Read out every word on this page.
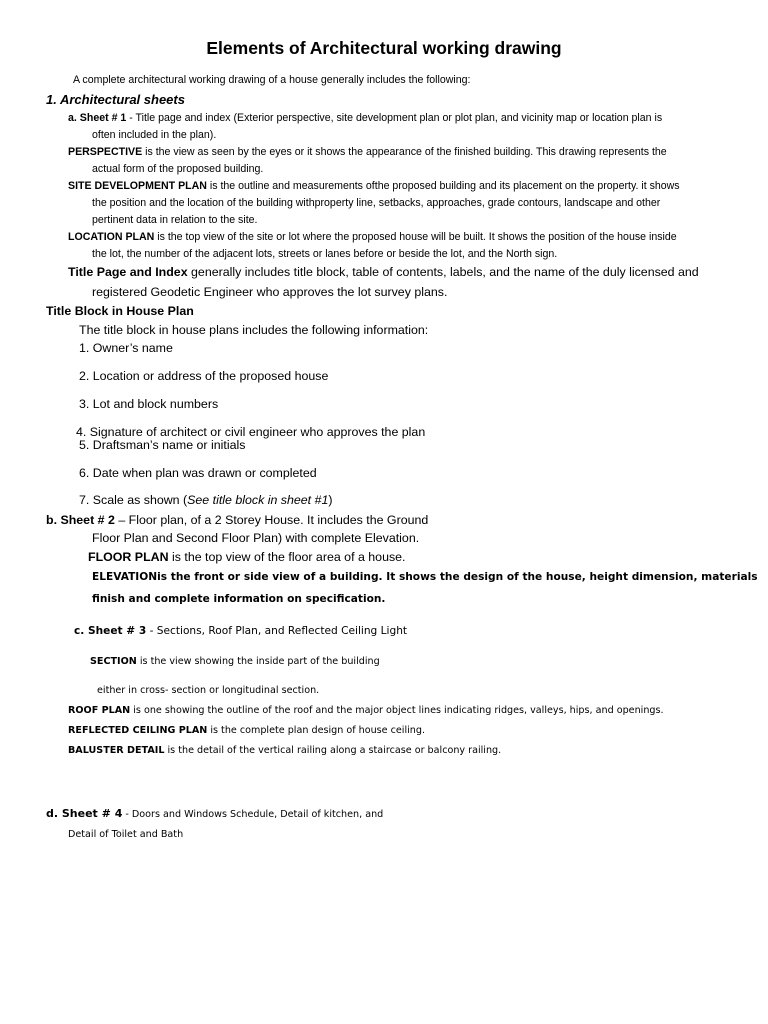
Elements of Architectural working drawing
A complete architectural working drawing of a house generally includes the following:
1. Architectural sheets
a. Sheet # 1 - Title page and index (Exterior perspective, site development plan or plot plan, and vicinity map or location plan is
often included in the plan).
PERSPECTIVE is the view as seen by the eyes or it shows the appearance of the finished building. This drawing represents the
actual form of the proposed building.
SITE DEVELOPMENT PLAN is the outline and measurements ofthe proposed building and its placement on the property. it shows
the position and the location of the building withproperty line, setbacks, approaches, grade contours, landscape and other
pertinent data in relation to the site.
LOCATION PLAN is the top view of the site or lot where the proposed house will be built. It shows the position of the house inside
the lot, the number of the adjacent lots, streets or lanes before or beside the lot, and the North sign.
Title Page and Index generally includes title block, table of contents, labels, and the name of the duly licensed and
registered Geodetic Engineer who approves the lot survey plans.
Title Block in House Plan
The title block in house plans includes the following information:
1. Owner’s name
2. Location or address of the proposed house
3. Lot and block numbers
4. Signature of architect or civil engineer who approves the plan
5. Draftsman’s name or initials
6. Date when plan was drawn or completed
7. Scale as shown (See title block in sheet #1)
b. Sheet # 2 – Floor plan, of a 2 Storey House. It includes the Ground
Floor Plan and Second Floor Plan) with complete Elevation.
FLOOR PLAN is the top view of the floor area of a house.
ELEVATIONis the front or side view of a building. It shows the design of the house, height dimension, materials
finish and complete information on specification.
c. Sheet # 3 - Sections, Roof Plan, and Reflected Ceiling Light
SECTION is the view showing the inside part of the building
either in cross- section or longitudinal section.
ROOF PLAN is one showing the outline of the roof and the major object lines indicating ridges, valleys, hips, and openings.
REFLECTED CEILING PLAN is the complete plan design of house ceiling.
BALUSTER DETAIL is the detail of the vertical railing along a staircase or balcony railing.
d. Sheet # 4 - Doors and Windows Schedule, Detail of kitchen, and
Detail of Toilet and Bath
